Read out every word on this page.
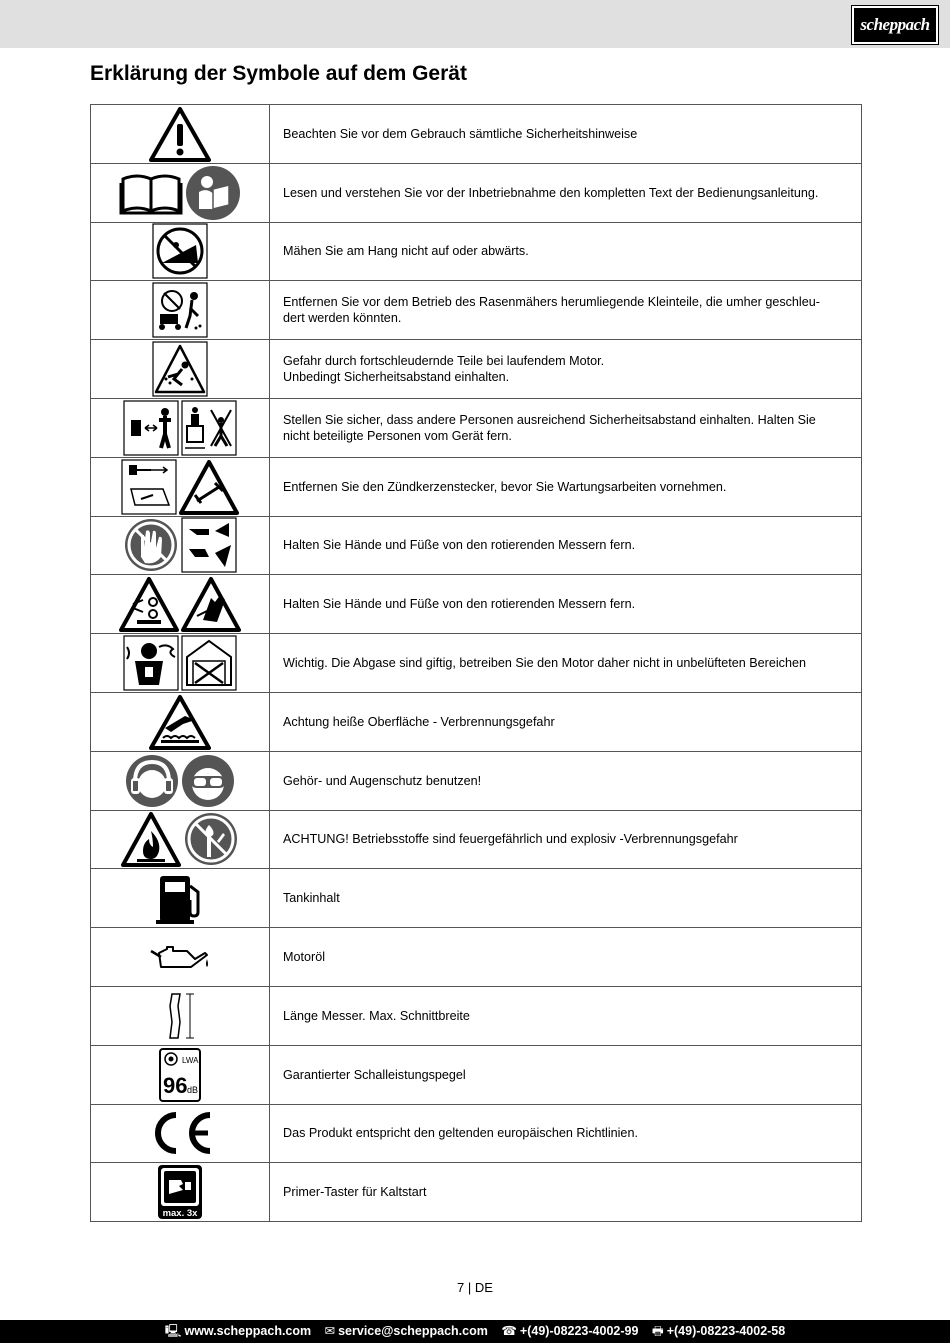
scheppach
Erklärung der Symbole auf dem Gerät

Beachten Sie vor dem Gebrauch sämtliche Sicherheitshinweise

Lesen und verstehen Sie vor der Inbetriebnahme den kompletten Text der Bedienungsanleitung.

Mähen Sie am Hang nicht auf oder abwärts.

Entfernen Sie vor dem Betrieb des Rasenmähers herumliegende Kleinteile, die umher geschleu-
dert werden könnten.

Gefahr durch fortschleudernde Teile bei laufendem Motor.
Unbedingt Sicherheitsabstand einhalten.

Stellen Sie sicher, dass andere Personen ausreichend Sicherheitsabstand einhalten. Halten Sie
nicht beteiligte Personen vom Gerät fern.

Entfernen Sie den Zündkerzenstecker, bevor Sie Wartungsarbeiten vornehmen.

Halten Sie Hände und Füße von den rotierenden Messern fern.

Halten Sie Hände und Füße von den rotierenden Messern fern.

Wichtig. Die Abgase sind giftig, betreiben Sie den Motor daher nicht in unbelüfteten Bereichen

Achtung heiße Oberfläche - Verbrennungsgefahr

Gehör- und Augenschutz benutzen!

ACHTUNG! Betriebsstoffe sind feuergefährlich und explosiv -Verbrennungsgefahr

Tankinhalt

Motoröl

Länge Messer. Max. Schnittbreite

LWA
96 dB	Garantierter Schalleistungspegel

Das Produkt entspricht den geltenden europäischen Richtlinien.

max. 3x	Primer-Taster für Kaltstart
7 | DE
🖳 www.scheppach.com ✉ service@scheppach.com ☎ +(49)-08223-4002-99 🖶 +(49)-08223-4002-58
